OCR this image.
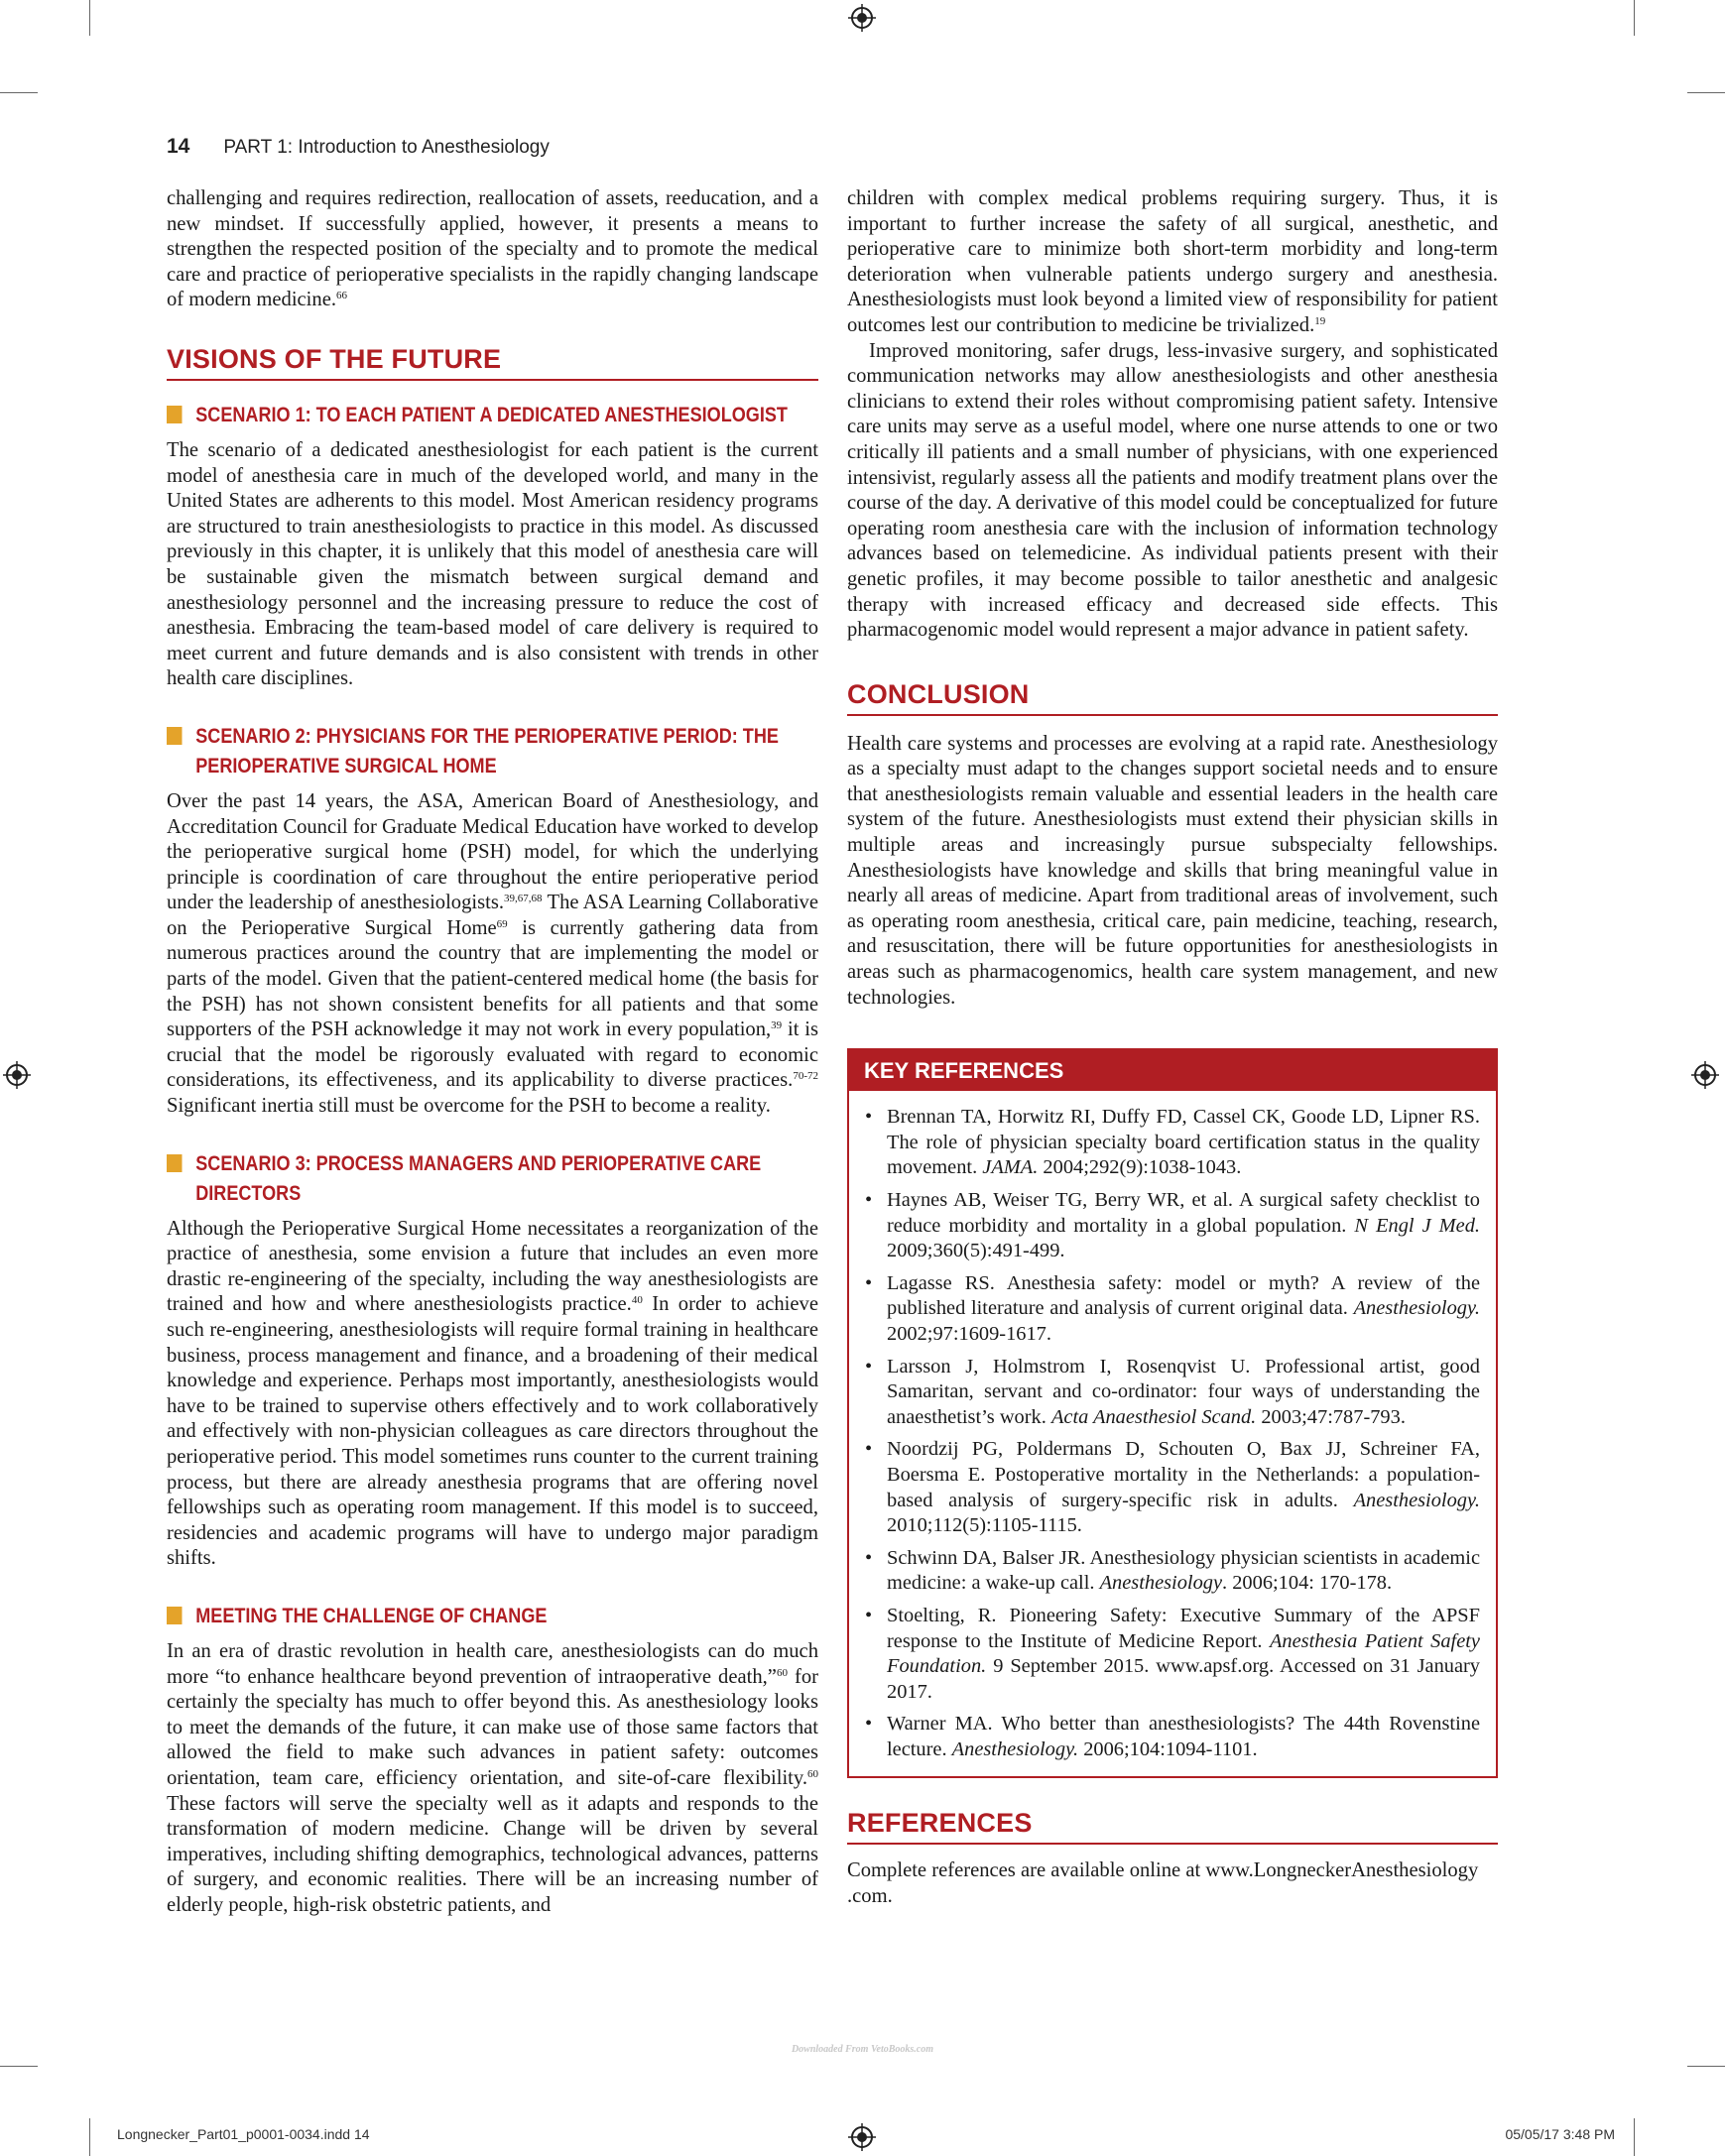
14 PART 1: Introduction to Anesthesiology

challenging and requires redirection, reallocation of assets, reeducation, and a new mindset. If successfully applied, however, it presents a means to strengthen the respected position of the specialty and to promote the medical care and practice of perioperative specialists in the rapidly changing landscape of modern medicine.$^{66}$

VISIONS OF THE FUTURE
SCENARIO 1: TO EACH PATIENT A DEDICATED ANESTHESIOLOGIST

The scenario of a dedicated anesthesiologist for each patient is the current model of anesthesia care in much of the developed world, and many in the United States are adherents to this model. Most American residency programs are structured to train anesthesiologists to practice in this model. As discussed previously in this chapter, it is unlikely that this model of anesthesia care will be sustainable given the mismatch between surgical demand and anesthesiology personnel and the increasing pressure to reduce the cost of anesthesia. Embracing the team-based model of care delivery is required to meet current and future demands and is also consistent with trends in other health care disciplines.

SCENARIO 2: PHYSICIANS FOR THE PERIOPERATIVE PERIOD: THE PERIOPERATIVE SURGICAL HOME

Over the past 14 years, the ASA, American Board of Anesthesiology, and Accreditation Council for Graduate Medical Education have worked to develop the perioperative surgical home (PSH) model, for which the underlying principle is coordination of care throughout the entire perioperative period under the leadership of anesthesiologists.$^{39,67,68}$ The ASA Learning Collaborative on the Perioperative Surgical Home$^{69}$ is currently gathering data from numerous practices around the country that are implementing the model or parts of the model. Given that the patient-centered medical home (the basis for the PSH) has not shown consistent benefits for all patients and that some supporters of the PSH acknowledge it may not work in every population,$^{39}$ it is crucial that the model be rigorously evaluated with regard to economic considerations, its effectiveness, and its applicability to diverse practices.$^{70-72}$ Significant inertia still must be overcome for the PSH to become a reality.

SCENARIO 3: PROCESS MANAGERS AND PERIOPERATIVE CARE DIRECTORS

Although the Perioperative Surgical Home necessitates a reorganization of the practice of anesthesia, some envision a future that includes an even more drastic re-engineering of the specialty, including the way anesthesiologists are trained and how and where anesthesiologists practice.$^{40}$ In order to achieve such re-engineering, anesthesiologists will require formal training in healthcare business, process management and finance, and a broadening of their medical knowledge and experience. Perhaps most importantly, anesthesiologists would have to be trained to supervise others effectively and to work collaboratively and effectively with non-physician colleagues as care directors throughout the perioperative period. This model sometimes runs counter to the current training process, but there are already anesthesia programs that are offering novel fellowships such as operating room management. If this model is to succeed, residencies and academic programs will have to undergo major paradigm shifts.

MEETING THE CHALLENGE OF CHANGE

In an era of drastic revolution in health care, anesthesiologists can do much more “to enhance healthcare beyond prevention of intraoperative death,”$^{60}$ for certainly the specialty has much to offer beyond this. As anesthesiology looks to meet the demands of the future, it can make use of those same factors that allowed the field to make such advances in patient safety: outcomes orientation, team care, efficiency orientation, and site-of-care flexibility.$^{60}$ These factors will serve the specialty well as it adapts and responds to the transformation of modern medicine. Change will be driven by several imperatives, including shifting demographics, technological advances, patterns of surgery, and economic realities. There will be an increasing number of elderly people, high-risk obstetric patients, and

children with complex medical problems requiring surgery. Thus, it is important to further increase the safety of all surgical, anesthetic, and perioperative care to minimize both short-term morbidity and long-term deterioration when vulnerable patients undergo surgery and anesthesia. Anesthesiologists must look beyond a limited view of responsibility for patient outcomes lest our contribution to medicine be trivialized.$^{19}$

Improved monitoring, safer drugs, less-invasive surgery, and sophisticated communication networks may allow anesthesiologists and other anesthesia clinicians to extend their roles without compromising patient safety. Intensive care units may serve as a useful model, where one nurse attends to one or two critically ill patients and a small number of physicians, with one experienced intensivist, regularly assess all the patients and modify treatment plans over the course of the day. A derivative of this model could be conceptualized for future operating room anesthesia care with the inclusion of information technology advances based on telemedicine. As individual patients present with their genetic profiles, it may become possible to tailor anesthetic and analgesic therapy with increased efficacy and decreased side effects. This pharmacogenomic model would represent a major advance in patient safety.

CONCLUSION

Health care systems and processes are evolving at a rapid rate. Anesthesiology as a specialty must adapt to the changes support societal needs and to ensure that anesthesiologists remain valuable and essential leaders in the health care system of the future. Anesthesiologists must extend their physician skills in multiple areas and increasingly pursue subspecialty fellowships. Anesthesiologists have knowledge and skills that bring meaningful value in nearly all areas of medicine. Apart from traditional areas of involvement, such as operating room anesthesia, critical care, pain medicine, teaching, research, and resuscitation, there will be future opportunities for anesthesiologists in areas such as pharmacogenomics, health care system management, and new technologies.

KEY REFERENCES
• Brennan TA, Horwitz RI, Duffy FD, Cassel CK, Goode LD, Lipner RS. The role of physician specialty board certification status in the quality movement. JAMA. 2004;292(9):1038-1043.
• Haynes AB, Weiser TG, Berry WR, et al. A surgical safety checklist to reduce morbidity and mortality in a global population. N Engl J Med. 2009;360(5):491-499.
• Lagasse RS. Anesthesia safety: model or myth? A review of the published literature and analysis of current original data. Anesthesiology. 2002;97:1609-1617.
• Larsson J, Holmstrom I, Rosenqvist U. Professional artist, good Samaritan, servant and co-ordinator: four ways of understanding the anaesthetist’s work. Acta Anaesthesiol Scand. 2003;47:787-793.
• Noordzij PG, Poldermans D, Schouten O, Bax JJ, Schreiner FA, Boersma E. Postoperative mortality in the Netherlands: a population-based analysis of surgery-specific risk in adults. Anesthesiology. 2010;112(5):1105-1115.
• Schwinn DA, Balser JR. Anesthesiology physician scientists in academic medicine: a wake-up call. Anesthesiology. 2006;104: 170-178.
• Stoelting, R. Pioneering Safety: Executive Summary of the APSF response to the Institute of Medicine Report. Anesthesia Patient Safety Foundation. 9 September 2015. www.apsf.org. Accessed on 31 January 2017.
• Warner MA. Who better than anesthesiologists? The 44th Rovenstine lecture. Anesthesiology. 2006;104:1094-1101.
REFERENCES

Complete references are available online at www.LongneckerAnesthesiology .com.

Downloaded From VetoBooks.com
Longnecker_Part01_p0001-0034.indd 14	05/05/17 3:48 PM
